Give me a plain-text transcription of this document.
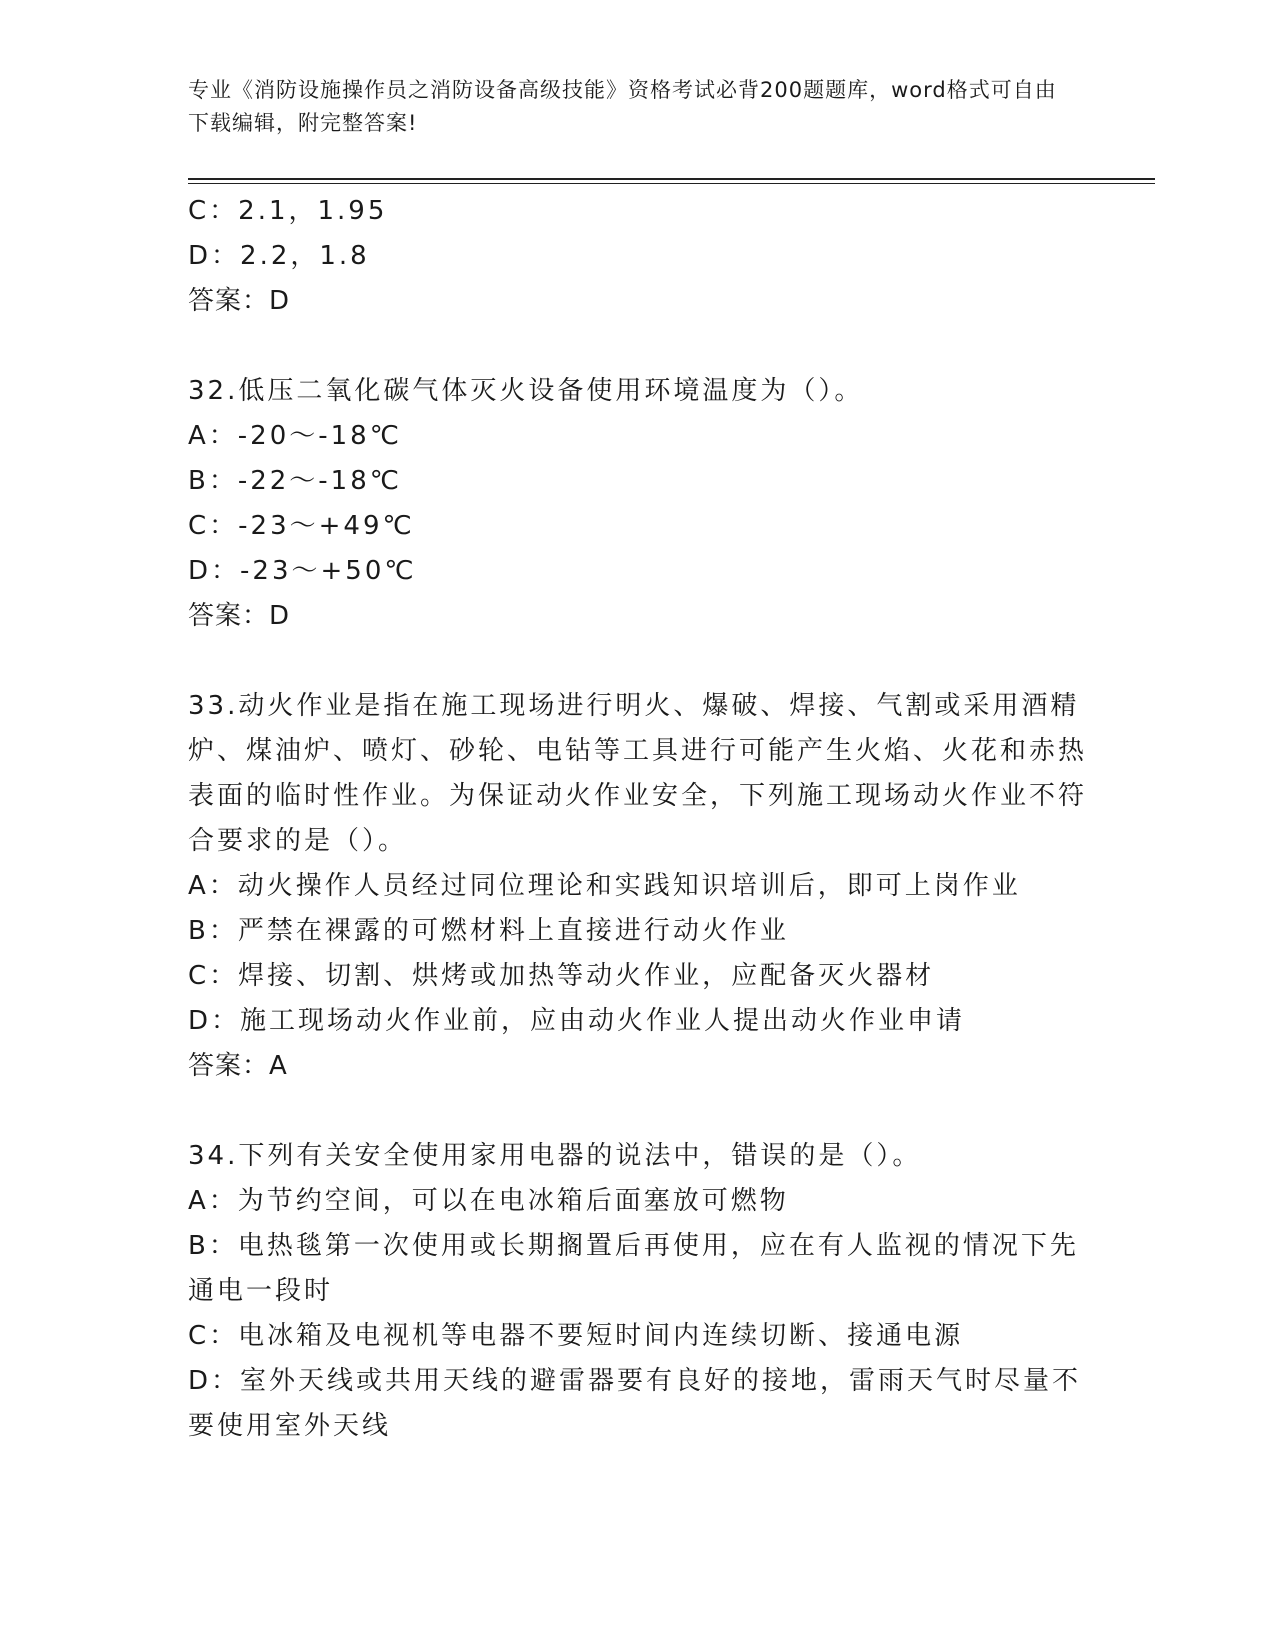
专业《消防设施操作员之消防设备高级技能》资格考试必背200题题库，word格式可自由下载编辑，附完整答案!
C：2.1，1.95
D：2.2，1.8
答案：D
32.低压二氧化碳气体灭火设备使用环境温度为（）。
A：-20～-18℃
B：-22～-18℃
C：-23～+49℃
D：-23～+50℃
答案：D
33.动火作业是指在施工现场进行明火、爆破、焊接、气割或采用酒精炉、煤油炉、喷灯、砂轮、电钻等工具进行可能产生火焰、火花和赤热表面的临时性作业。为保证动火作业安全，下列施工现场动火作业不符合要求的是（）。
A：动火操作人员经过同位理论和实践知识培训后，即可上岗作业
B：严禁在裸露的可燃材料上直接进行动火作业
C：焊接、切割、烘烤或加热等动火作业，应配备灭火器材
D：施工现场动火作业前，应由动火作业人提出动火作业申请
答案：A
34.下列有关安全使用家用电器的说法中，错误的是（）。
A：为节约空间，可以在电冰箱后面塞放可燃物
B：电热毯第一次使用或长期搁置后再使用，应在有人监视的情况下先通电一段时
C：电冰箱及电视机等电器不要短时间内连续切断、接通电源
D：室外天线或共用天线的避雷器要有良好的接地，雷雨天气时尽量不要使用室外天线
